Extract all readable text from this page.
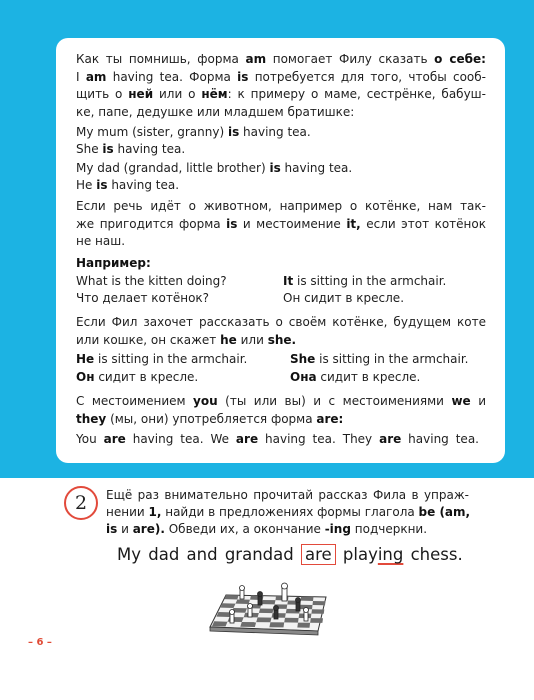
Как ты помнишь, форма am помогает Филу сказать о себе:
I am having tea. Форма is потребуется для того, чтобы сооб-
щить о ней или о нём: к примеру о маме, сестрёнке, бабуш-
ке, папе, дедушке или младшем братишке:
My mum (sister, granny) is having tea.
She is having tea.
My dad (grandad, little brother) is having tea.
He is having tea.
Если речь идёт о животном, например о котёнке, нам так-
же пригодится форма is и местоимение it, если этот котёнок
не наш.
Например:
What is the kitten doing?
Что делает котёнок?
It is sitting in the armchair.
Он сидит в кресле.
Если Фил захочет рассказать о своём котёнке, будущем коте
или кошке, он скажет he или she.
He is sitting in the armchair.
Он сидит в кресле.
She is sitting in the armchair.
Она сидит в кресле.
С местоимением you (ты или вы) и с местоимениями we и
they (мы, они) употребляется форма are:
You are having tea. We are having tea. They are having tea.
2	Ещё раз внимательно прочитай рассказ Фила в упраж-
нении 1, найди в предложениях формы глагола be (am,
is и are). Обведи их, а окончание -ing подчеркни.
My dad and grandad are playing chess.
– 6 –
